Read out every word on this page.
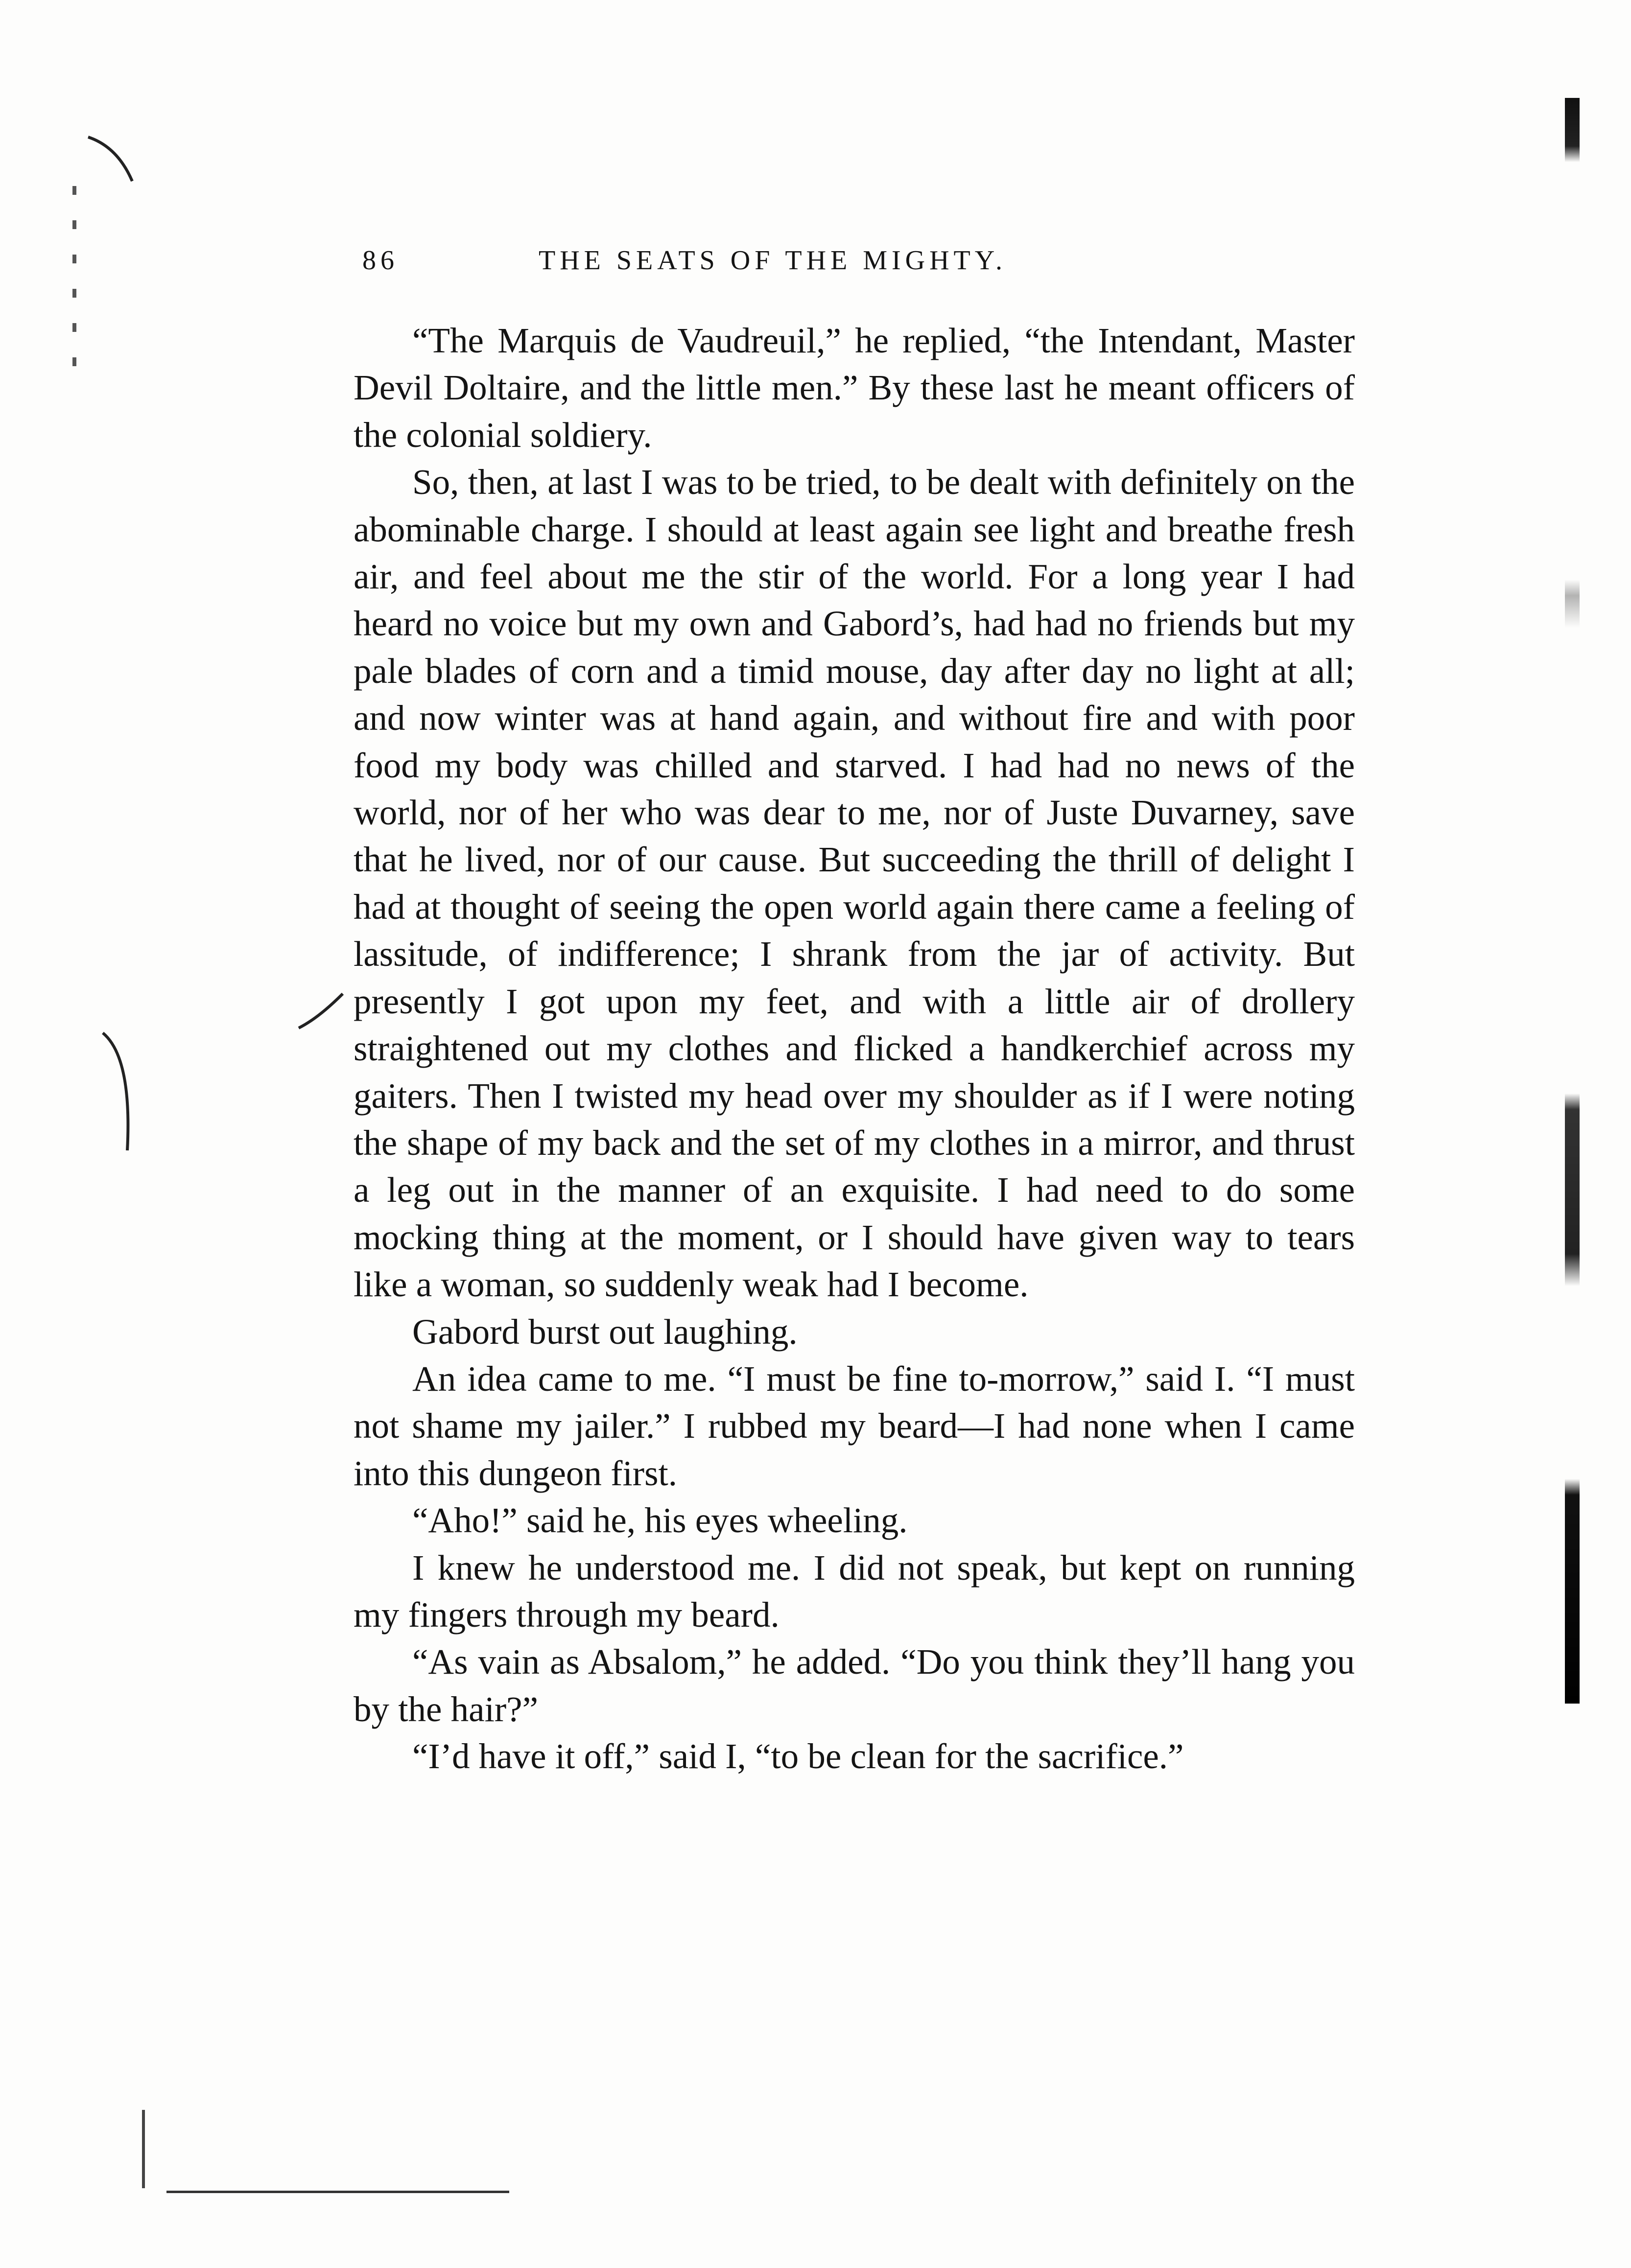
86	THE SEATS OF THE MIGHTY.

“The Marquis de Vaudreuil,” he replied, “the Intendant, Master Devil Doltaire, and the little men.” By these last he meant officers of the colonial soldiery.

So, then, at last I was to be tried, to be dealt with definitely on the abominable charge. I should at least again see light and breathe fresh air, and feel about me the stir of the world. For a long year I had heard no voice but my own and Gabord’s, had had no friends but my pale blades of corn and a timid mouse, day after day no light at all; and now winter was at hand again, and without fire and with poor food my body was chilled and starved. I had had no news of the world, nor of her who was dear to me, nor of Juste Duvarney, save that he lived, nor of our cause. But succeeding the thrill of delight I had at thought of seeing the open world again there came a feeling of lassitude, of indifference; I shrank from the jar of activity. But presently I got upon my feet, and with a little air of drollery straightened out my clothes and flicked a handkerchief across my gaiters. Then I twisted my head over my shoulder as if I were noting the shape of my back and the set of my clothes in a mirror, and thrust a leg out in the manner of an exquisite. I had need to do some mocking thing at the moment, or I should have given way to tears like a woman, so suddenly weak had I become.

Gabord burst out laughing.

An idea came to me. “I must be fine to-morrow,” said I. “I must not shame my jailer.” I rubbed my beard—I had none when I came into this dungeon first.

“Aho!” said he, his eyes wheeling.

I knew he understood me. I did not speak, but kept on running my fingers through my beard.

“As vain as Absalom,” he added. “Do you think they’ll hang you by the hair?”

“I’d have it off,” said I, “to be clean for the sacrifice.”
